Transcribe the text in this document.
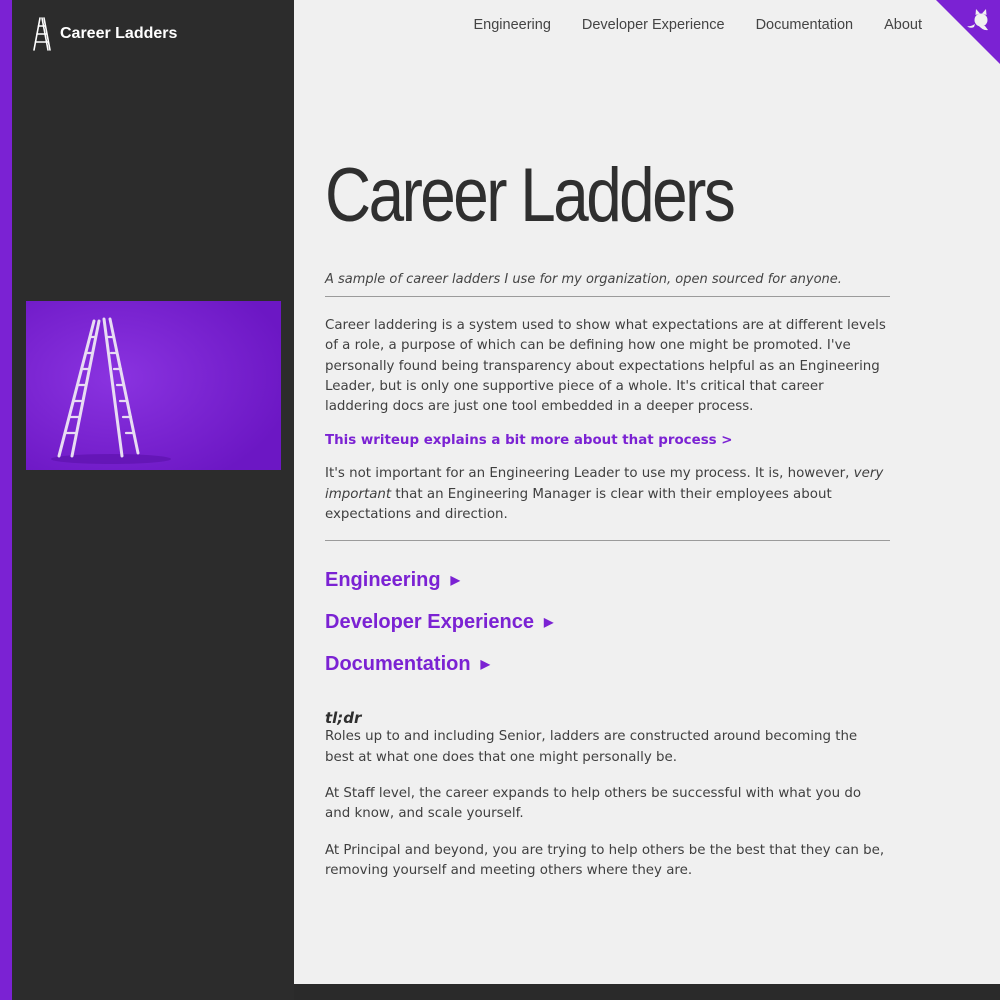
Career Ladders	Engineering Developer Experience Documentation About
Career Ladders

A sample of career ladders I use for my organization, open sourced for anyone.

Career laddering is a system used to show what expectations are at different levels of a role, a purpose of which can be defining how one might be promoted. I've personally found being transparency about expectations helpful as an Engineering Leader, but is only one supportive piece of a whole. It's critical that career laddering docs are just one tool embedded in a deeper process.

This writeup explains a bit more about that process >

It's not important for an Engineering Leader to use my process. It is, however, very important that an Engineering Manager is clear with their employees about expectations and direction.

Engineering ▶
Developer Experience ▶
Documentation ▶
tl;dr

Roles up to and including Senior, ladders are constructed around becoming the best at what one does that one might personally be.

At Staff level, the career expands to help others be successful with what you do and know, and scale yourself.

At Principal and beyond, you are trying to help others be the best that they can be, removing yourself and meeting others where they are.
